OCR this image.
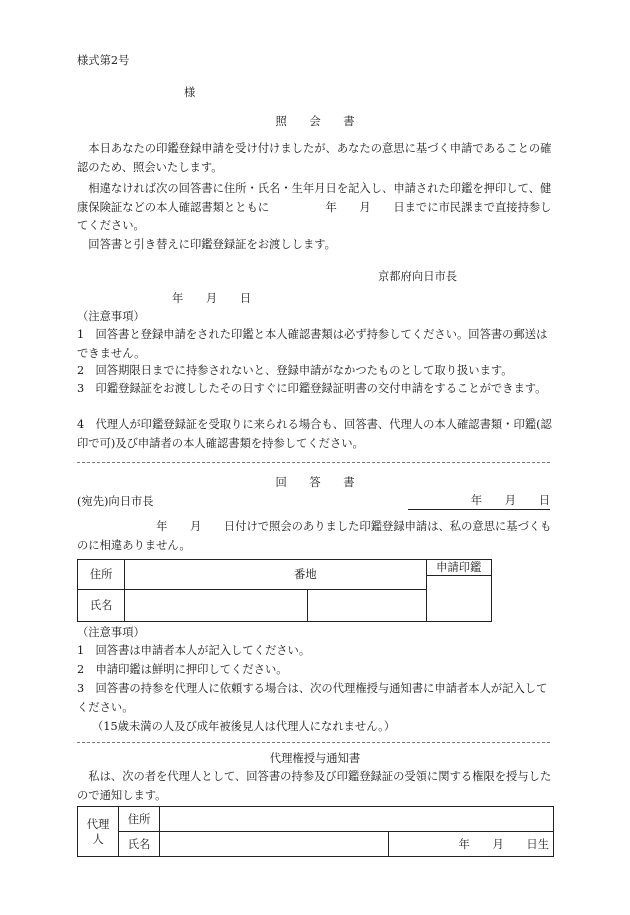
様式第2号
様
照　　会　　書
　本日あなたの印鑑登録申請を受け付けましたが、あなたの意思に基づく申請であることの確認のため、照会いたします。
　相違なければ次の回答書に住所・氏名・生年月日を記入し、申請された印鑑を押印して、健康保険証などの本人確認書類とともに　　　　　年　　月　　日までに市民課まで直接持参してください。
　回答書と引き替えに印鑑登録証をお渡しします。
京都府向日市長
年　　月　　日
（注意事項）
1　回答書と登録申請をされた印鑑と本人確認書類は必ず持参してください。回答書の郵送はできません。
2　回答期限日までに持参されないと、登録申請がなかつたものとして取り扱います。
3　印鑑登録証をお渡ししたその日すぐに印鑑登録証明書の交付申請をすることができます。
4　代理人が印鑑登録証を受取りに来られる場合も、回答書、代理人の本人確認書類・印鑑(認印で可)及び申請者の本人確認書類を持参してください。
回　　答　　書
(宛先)向日市長	年　　月　　日
　　　　　　　年　　月　　日付けで照会のありました印鑑登録申請は、私の意思に基づくものに相違ありません。
住所	番地		申請印鑑

氏名			
（注意事項）
1　回答書は申請者本人が記入してください。
2　申請印鑑は鮮明に押印してください。
3　回答書の持参を代理人に依頼する場合は、次の代理権授与通知書に申請者本人が記入してください。
（15歳未満の人及び成年被後見人は代理人になれません。）
代理権授与通知書
　私は、次の者を代理人として、回答書の持参及び印鑑登録証の受領に関する権限を授与したので通知します。
代理人	住所		
	氏名		年　　月　　日生
